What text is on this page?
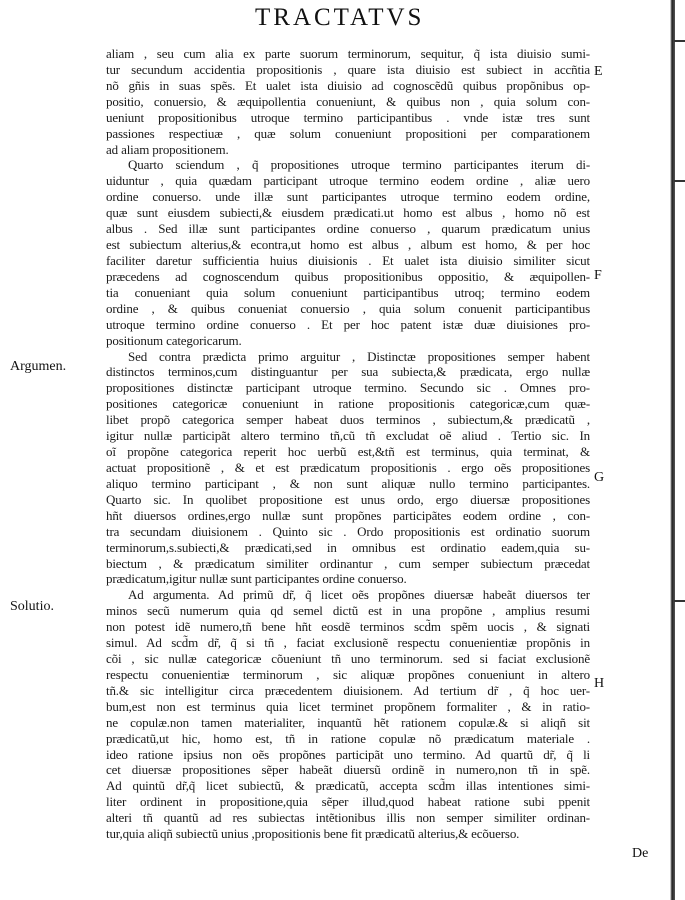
TRACTATVS
aliam , seu cum alia ex parte suorum terminorum, sequitur, q̃ ista diuisio sumi-
tur secundum accidentia propositionis , quare ista diuisio est subiect in accñtia
nõ gñis in suas spẽs. Et ualet ista diuisio ad cognoscẽdũ quibus propõnibus op-
positio, conuersio, & æquipollentia conueniunt, & quibus non , quia solum con-
ueniunt propositionibus utroque termino participantibus . vnde istæ tres sunt
passiones respectiuæ , quæ solum conueniunt propositioni per comparationem
ad aliam propositionem.
Quarto sciendum , q̃ propositiones utroque termino participantes iterum di-
uiduntur , quia quædam participant utroque termino eodem ordine , aliæ uero
ordine conuerso. unde illæ sunt participantes utroque termino eodem ordine,
quæ sunt eiusdem subiecti,& eiusdem prædicati.ut homo est albus , homo nõ est
albus . Sed illæ sunt participantes ordine conuerso , quarum prædicatum unius
est subiectum alterius,& econtra,ut homo est albus , album est homo, & per hoc
faciliter daretur sufficientia huius diuisionis . Et ualet ista diuisio similiter sicut
præcedens ad cognoscendum quibus propositionibus oppositio, & æquipollen-
tia conueniant quia solum conueniunt participantibus utroq; termino eodem
ordine , & quibus conueniat conuersio , quia solum conuenit participantibus
utroque termino ordine conuerso . Et per hoc patent istæ duæ diuisiones pro-
positionum categoricarum.
Sed contra prædicta primo arguitur , Distinctæ propositiones semper habent
distinctos terminos,cum distinguantur per sua subiecta,& prædicata, ergo nullæ
propositiones distinctæ participant utroque termino. Secundo sic . Omnes pro-
positiones categoricæ conueniunt in ratione propositionis categoricæ,cum quæ-
libet propõ categorica semper habeat duos terminos , subiectum,& prædicatũ ,
igitur nullæ participãt altero termino tñ,cũ tñ excludat oẽ aliud . Tertio sic. In
oĩ propõne categorica reperit hoc uerbũ est,&tñ est terminus, quia terminat, &
actuat propositionẽ , & et est prædicatum propositionis . ergo oẽs propositiones
aliquo termino participant , & non sunt aliquæ nullo termino participantes.
Quarto sic. In quolibet propositione est unus ordo, ergo diuersæ propositiones
hñt diuersos ordines,ergo nullæ sunt propõnes participãtes eodem ordine , con-
tra secundam diuisionem . Quinto sic . Ordo propositionis est ordinatio suorum
terminorum,s.subiecti,& prædicati,sed in omnibus est ordinatio eadem,quia su-
biectum , & prædicatum similiter ordinantur , cum semper subiectum præcedat
prædicatum,igitur nullæ sunt participantes ordine conuerso.
Ad argumenta. Ad primũ dr̃, q̃ licet oẽs propõnes diuersæ habeãt diuersos ter
minos secũ numerum quia qd semel dictũ est in una propõne , amplius resumi
non potest idẽ numero,tñ bene hñt eosdẽ terminos scd̃m spẽm uocis , & signati
simul. Ad scd̃m dr̃, q̃ si tñ , faciat exclusionẽ respectu conuenientiæ propõnis in
cõi , sic nullæ categoricæ cõueniunt tñ uno terminorum. sed si faciat exclusionẽ
respectu conuenientiæ terminorum , sic aliquæ propõnes conueniunt in altero
tñ.& sic intelligitur circa præcedentem diuisionem. Ad tertium dr̃ , q̃ hoc uer-
bum,est non est terminus quia licet terminet propõnem formaliter , & in ratio-
ne copulæ.non tamen materialiter, inquantũ hẽt rationem copulæ.& si aliqñ sit
prædicatũ,ut hic, homo est, tñ in ratione copulæ nõ prædicatum materiale .
ideo ratione ipsius non oẽs propõnes participãt uno termino. Ad quartũ dr̃, q̃ li
cet diuersæ propositiones sẽper habeãt diuersũ ordinẽ in numero,non tñ in spẽ.
Ad quintũ dr̃,q̃ licet subiectũ, & prædicatũ, accepta scd̃m illas intentiones simi-
liter ordinent in propositione,quia sẽper illud,quod habeat ratione subi ppenit
alteri tñ quantũ ad res subiectas intẽtionibus illis non semper similiter ordinan-
tur,quia aliqñ subiectũ unius ,propositionis bene fit prædicatũ alterius,& ecõuerso.
Argumen.
Solutio.
E
F
G
H
De
